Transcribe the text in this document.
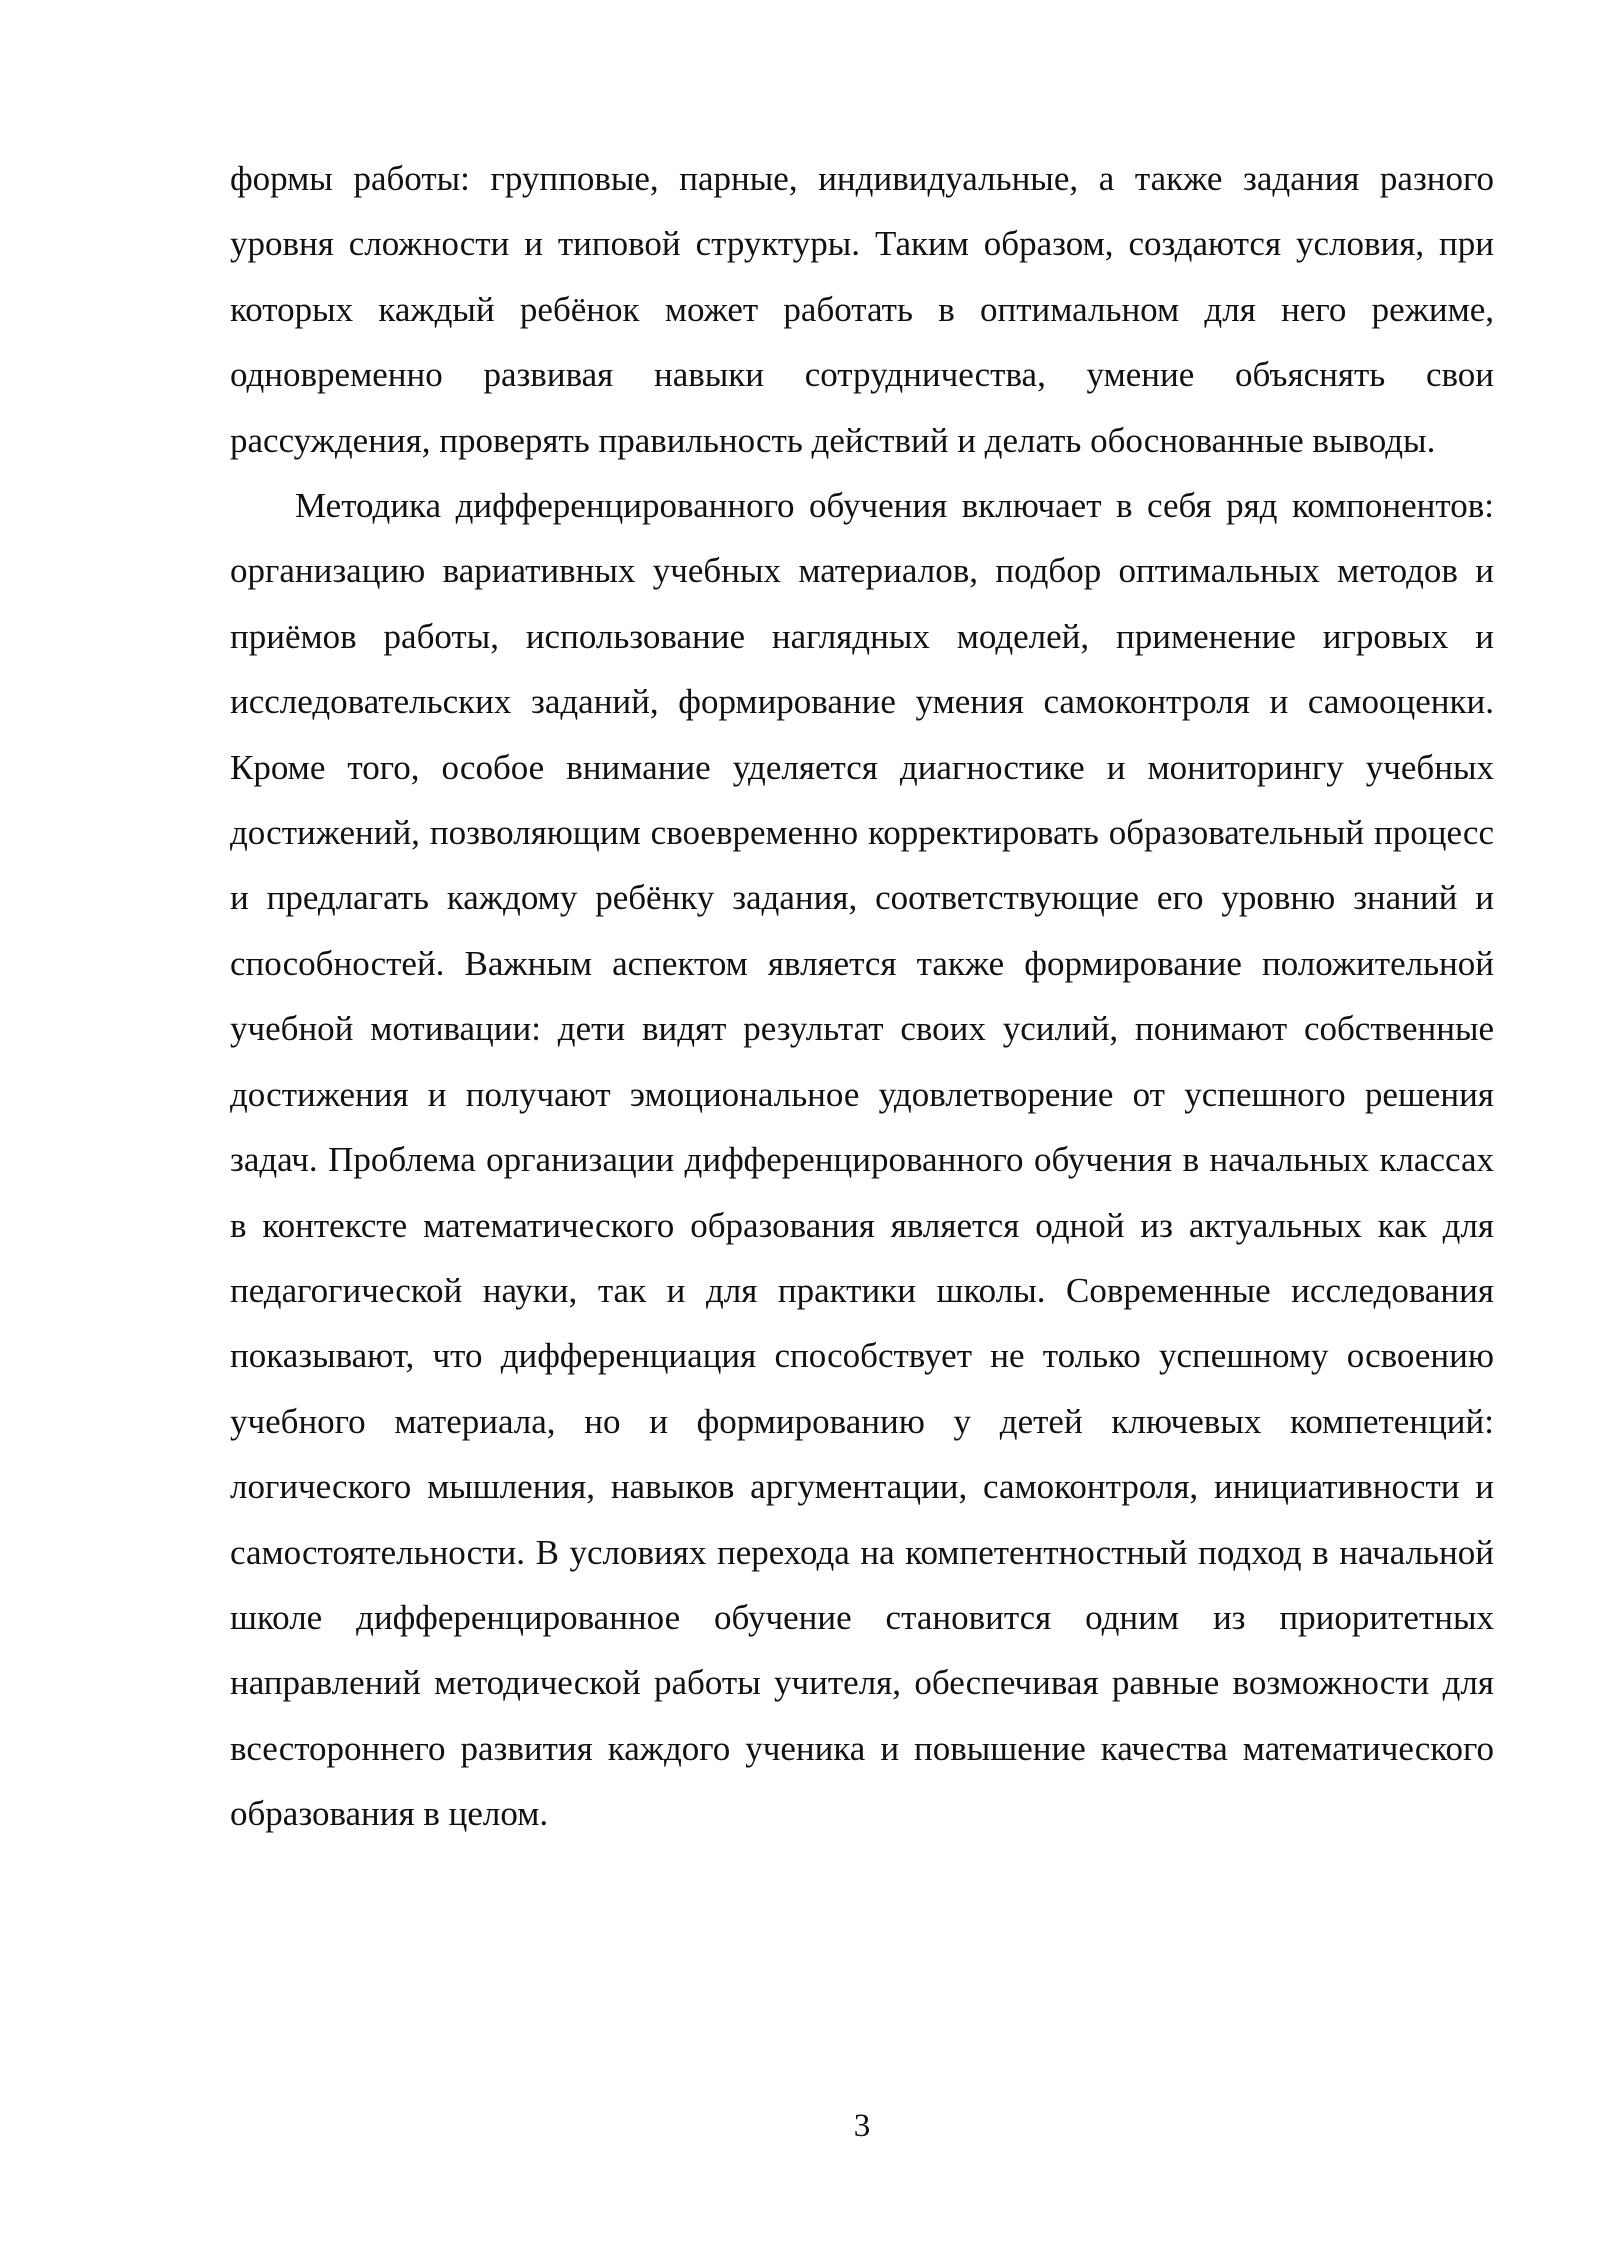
формы работы: групповые, парные, индивидуальные, а также задания разного уровня сложности и типовой структуры. Таким образом, создаются условия, при которых каждый ребёнок может работать в оптимальном для него режиме, одновременно развивая навыки сотрудничества, умение объяснять свои рассуждения, проверять правильность действий и делать обоснованные выводы.

Методика дифференцированного обучения включает в себя ряд компонентов: организацию вариативных учебных материалов, подбор оптимальных методов и приёмов работы, использование наглядных моделей, применение игровых и исследовательских заданий, формирование умения самоконтроля и самооценки. Кроме того, особое внимание уделяется диагностике и мониторингу учебных достижений, позволяющим своевременно корректировать образовательный процесс и предлагать каждому ребёнку задания, соответствующие его уровню знаний и способностей. Важным аспектом является также формирование положительной учебной мотивации: дети видят результат своих усилий, понимают собственные достижения и получают эмоциональное удовлетворение от успешного решения задач. Проблема организации дифференцированного обучения в начальных классах в контексте математического образования является одной из актуальных как для педагогической науки, так и для практики школы. Современные исследования показывают, что дифференциация способствует не только успешному освоению учебного материала, но и формированию у детей ключевых компетенций: логического мышления, навыков аргументации, самоконтроля, инициативности и самостоятельности. В условиях перехода на компетентностный подход в начальной школе дифференцированное обучение становится одним из приоритетных направлений методической работы учителя, обеспечивая равные возможности для всестороннего развития каждого ученика и повышение качества математического образования в целом.

3
